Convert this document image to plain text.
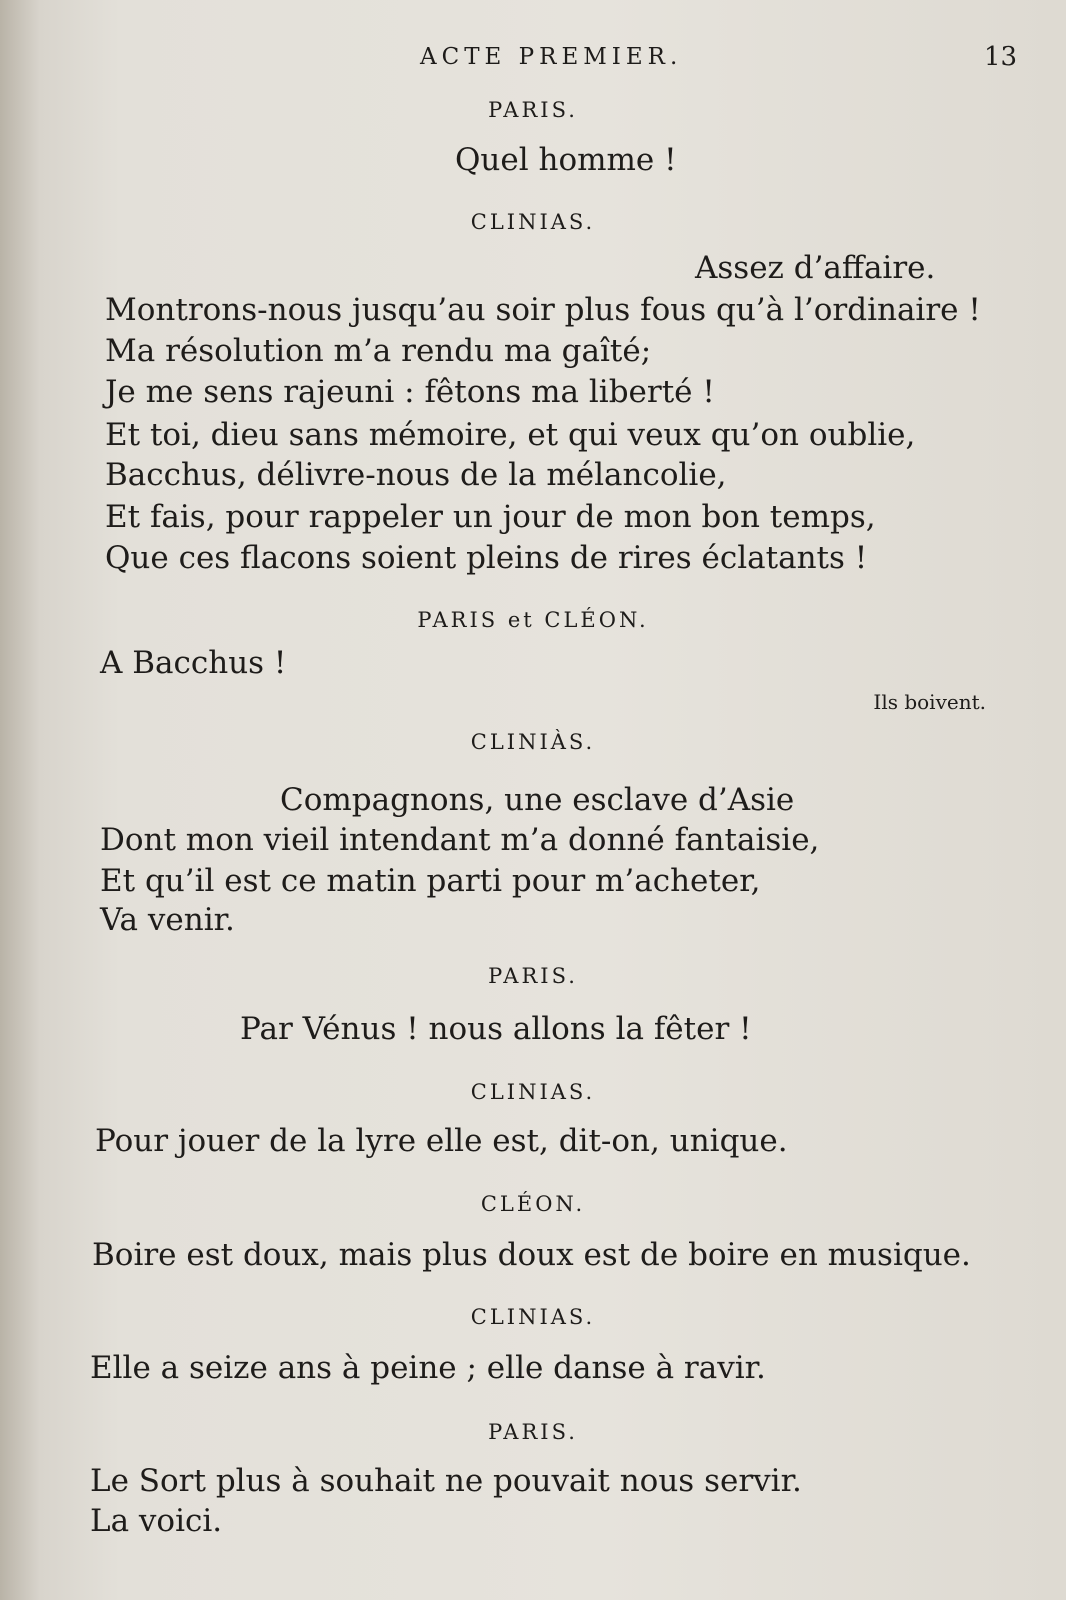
ACTE PREMIER.	13
PARIS.
Quel homme !
CLINIAS.
Assez d’affaire.
Montrons-nous jusqu’au soir plus fous qu’à l’ordinaire !
Ma résolution m’a rendu ma gaîté;
Je me sens rajeuni : fêtons ma liberté !
Et toi, dieu sans mémoire, et qui veux qu’on oublie,
Bacchus, délivre-nous de la mélancolie,
Et fais, pour rappeler un jour de mon bon temps,
Que ces flacons soient pleins de rires éclatants !
PARIS et CLÉON.
A Bacchus !
Ils boivent.
CLINIÀS.
Compagnons, une esclave d’Asie
Dont mon vieil intendant m’a donné fantaisie,
Et qu’il est ce matin parti pour m’acheter,
Va venir.
PARIS.
Par Vénus ! nous allons la fêter !
CLINIAS.
Pour jouer de la lyre elle est, dit-on, unique.
CLÉON.
Boire est doux, mais plus doux est de boire en musique.
CLINIAS.
Elle a seize ans à peine ; elle danse à ravir.
PARIS.
Le Sort plus à souhait ne pouvait nous servir.
La voici.
